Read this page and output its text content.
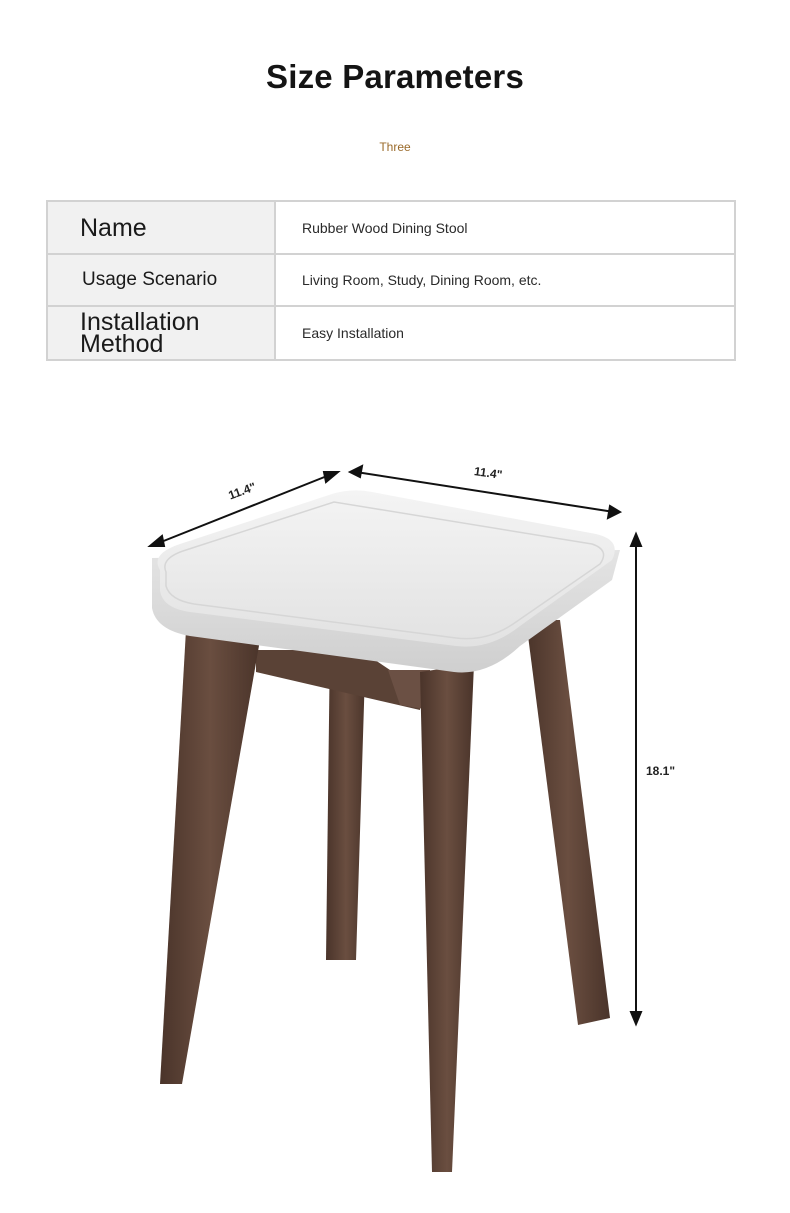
Size Parameters
Three
Name	Rubber Wood Dining Stool
Usage Scenario	Living Room, Study, Dining Room, etc.
Installation Method	Easy Installation
11.4"
11.4"
18.1"
